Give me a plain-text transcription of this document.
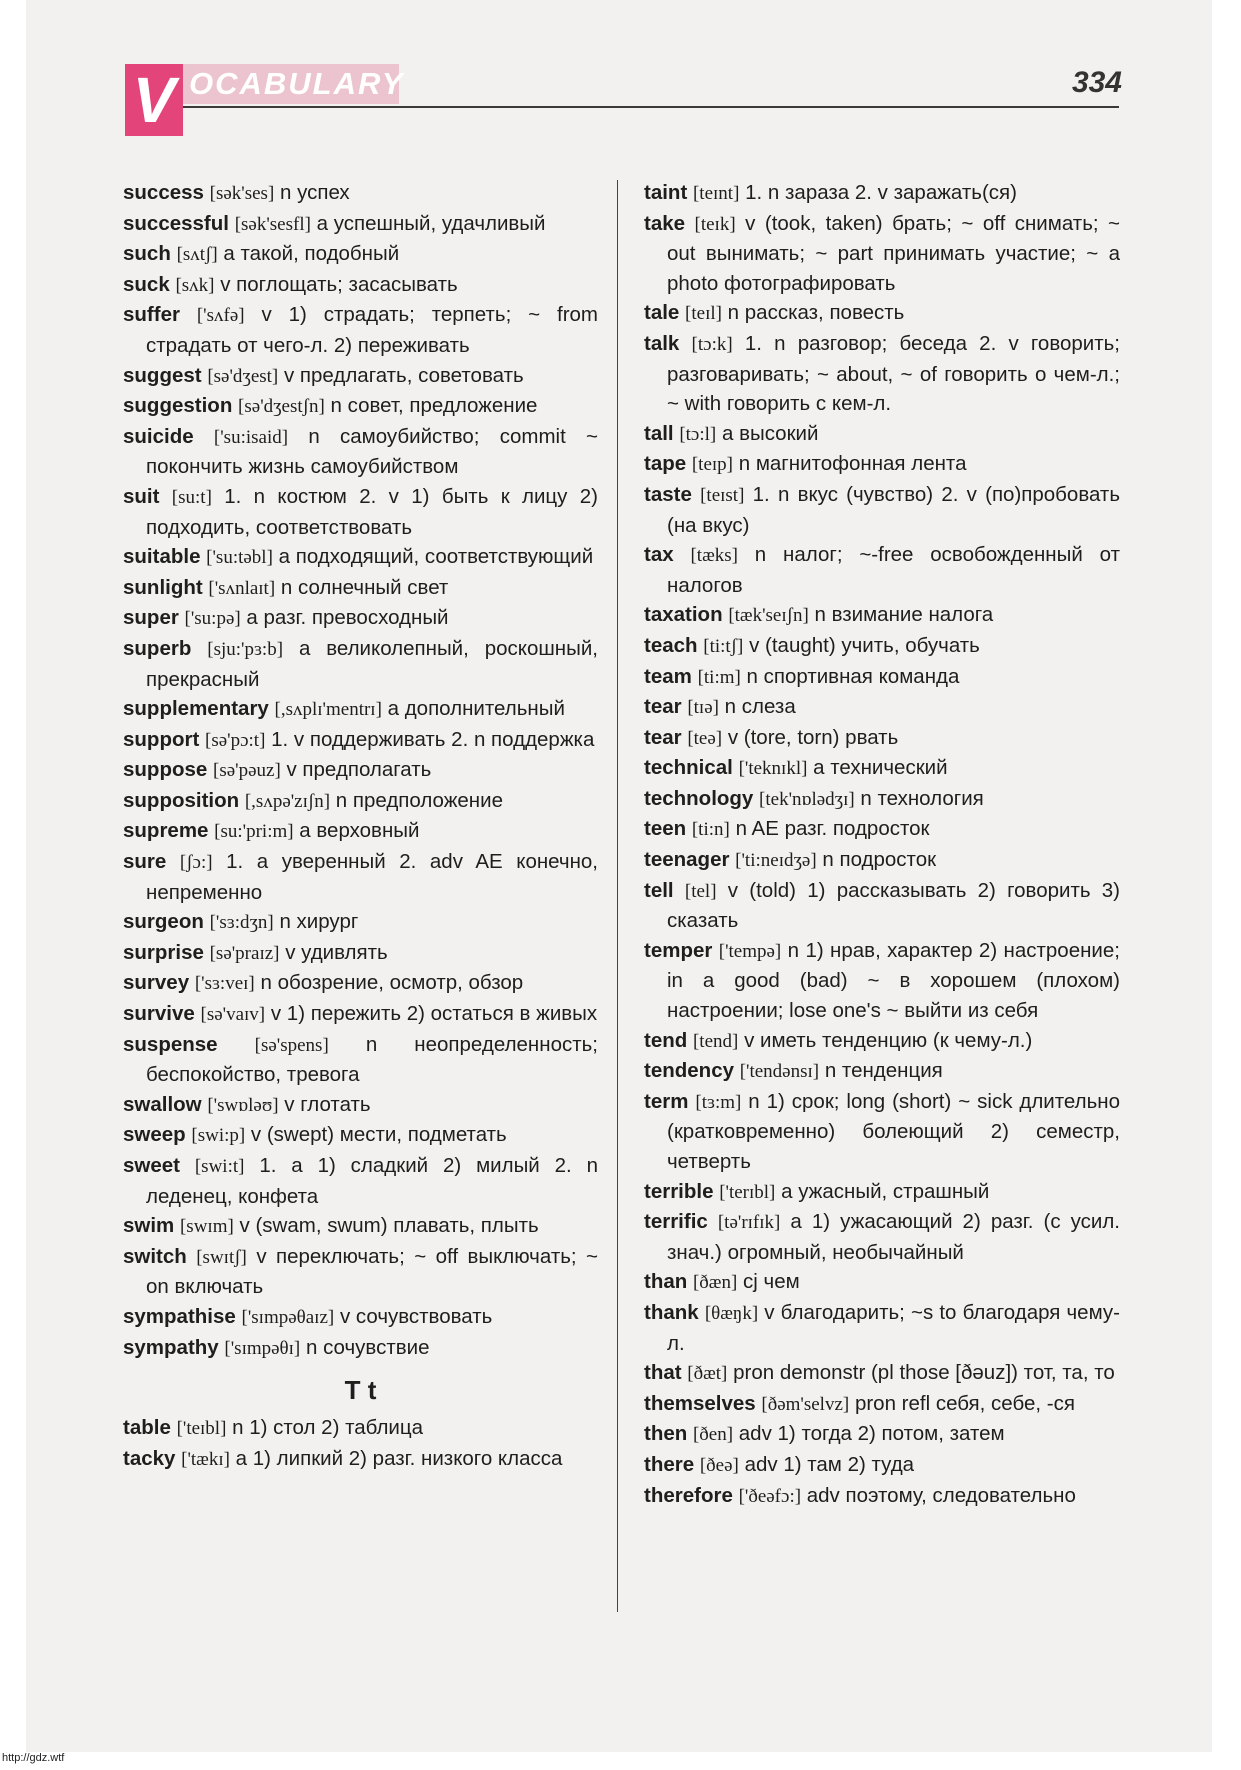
V OCABULARY	334
success [sək'ses] n успех
successful [sək'sesfl] a успешный, удачливый
such [sʌtʃ] a такой, подобный
suck [sʌk] v поглощать; засасывать
suffer ['sʌfə] v 1) страдать; терпеть; ~ from страдать от чего-л. 2) переживать
suggest [sə'dʒest] v предлагать, советовать
suggestion [sə'dʒestʃn] n совет, предложение
suicide ['su:isaid] n самоубийство; commit ~ покончить жизнь самоубийством
suit [su:t] 1. n костюм 2. v 1) быть к лицу 2) подходить, соответствовать
suitable ['su:təbl] a подходящий, соответствующий
sunlight ['sʌnlaɪt] n солнечный свет
super ['su:pə] a разг. превосходный
superb [sju:'pɜ:b] a великолепный, роскошный, прекрасный
supplementary [,sʌplɪ'mentrɪ] a дополнительный
support [sə'pɔ:t] 1. v поддерживать 2. n поддержка
suppose [sə'pəuz] v предполагать
supposition [,sʌpə'zɪʃn] n предположение
supreme [su:'pri:m] a верховный
sure [ʃɔ:] 1. a уверенный 2. adv AE конечно, непременно
surgeon ['sɜ:dʒn] n хирург
surprise [sə'praɪz] v удивлять
survey ['sɜ:veɪ] n обозрение, осмотр, обзор
survive [sə'vaɪv] v 1) пережить 2) остаться в живых
suspense [sə'spens] n неопределенность; беспокойство, тревога
swallow ['swɒləʊ] v глотать
sweep [swi:p] v (swept) мести, подметать
sweet [swi:t] 1. a 1) сладкий 2) милый 2. n леденец, конфета
swim [swɪm] v (swam, swum) плавать, плыть
switch [swɪtʃ] v переключать; ~ off выключать; ~ on включать
sympathise ['sɪmpəθaɪz] v сочувствовать
sympathy ['sɪmpəθɪ] n сочувствие
T t
table ['teɪbl] n 1) стол 2) таблица
tacky ['tækɪ] a 1) липкий 2) разг. низкого класса
taint [teɪnt] 1. n зараза 2. v заражать(ся)
take [teɪk] v (took, taken) брать; ~ off снимать; ~ out вынимать; ~ part принимать участие; ~ a photo фотографировать
tale [teɪl] n рассказ, повесть
talk [tɔ:k] 1. n разговор; беседа 2. v говорить; разговаривать; ~ about, ~ of говорить о чем-л.; ~ with говорить с кем-л.
tall [tɔ:l] a высокий
tape [teɪp] n магнитофонная лента
taste [teɪst] 1. n вкус (чувство) 2. v (по)пробовать (на вкус)
tax [tæks] n налог; ~-free освобожденный от налогов
taxation [tæk'seɪʃn] n взимание налога
teach [ti:tʃ] v (taught) учить, обучать
team [ti:m] n спортивная команда
tear [tɪə] n слеза
tear [teə] v (tore, torn) рвать
technical ['teknɪkl] a технический
technology [tek'nɒlədʒɪ] n технология
teen [ti:n] n AE разг. подросток
teenager ['ti:neɪdʒə] n подросток
tell [tel] v (told) 1) рассказывать 2) говорить 3) сказать
temper ['tempə] n 1) нрав, характер 2) настроение; in a good (bad) ~ в хорошем (плохом) настроении; lose one's ~ выйти из себя
tend [tend] v иметь тенденцию (к чему-л.)
tendency ['tendənsɪ] n тенденция
term [tɜ:m] n 1) срок; long (short) ~ sick длительно (кратковременно) болеющий 2) семестр, четверть
terrible ['terɪbl] a ужасный, страшный
terrific [tə'rɪfɪk] a 1) ужасающий 2) разг. (с усил. знач.) огромный, необычайный
than [ðæn] cj чем
thank [θæŋk] v благодарить; ~s to благодаря чему-л.
that [ðæt] pron demonstr (pl those [ðəuz]) тот, та, то
themselves [ðəm'selvz] pron refl себя, себе, -ся
then [ðen] adv 1) тогда 2) потом, затем
there [ðeə] adv 1) там 2) туда
therefore ['ðeəfɔ:] adv поэтому, следовательно
http://gdz.wtf
